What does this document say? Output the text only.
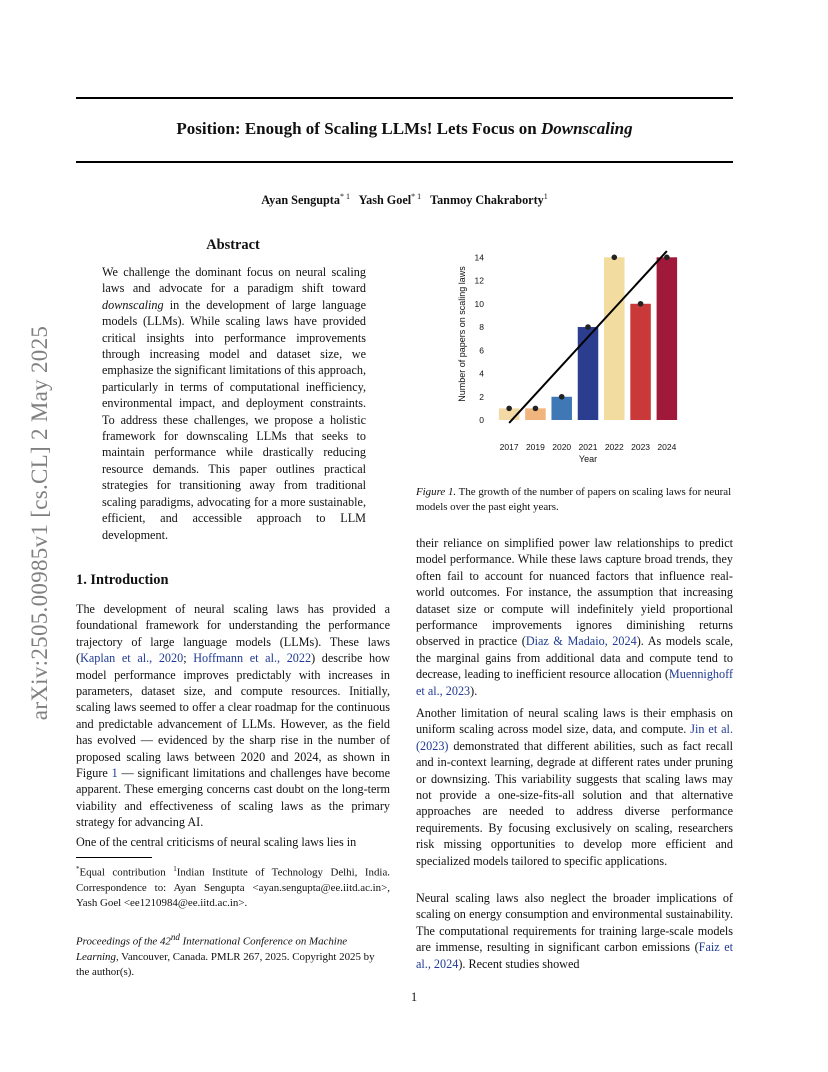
Position: Enough of Scaling LLMs! Lets Focus on Downscaling
Ayan Sengupta$^{* 1}$ Yash Goel$^{* 1}$ Tanmoy Chakraborty$^1$
arXiv:2505.00985v1 [cs.CL] 2 May 2025
Abstract
We challenge the dominant focus on neural scaling laws and advocate for a paradigm shift toward downscaling in the development of large language models (LLMs). While scaling laws have provided critical insights into performance improvements through increasing model and dataset size, we emphasize the significant limitations of this approach, particularly in terms of computational inefficiency, environmental impact, and deployment constraints. To address these challenges, we propose a holistic framework for downscaling LLMs that seeks to maintain performance while drastically reducing resource demands. This paper outlines practical strategies for transitioning away from traditional scaling paradigms, advocating for a more sustainable, efficient, and accessible approach to LLM development.
1. Introduction
The development of neural scaling laws has provided a foundational framework for understanding the performance trajectory of large language models (LLMs). These laws (Kaplan et al., 2020; Hoffmann et al., 2022) describe how model performance improves predictably with increases in parameters, dataset size, and compute resources. Initially, scaling laws seemed to offer a clear roadmap for the continuous and predictable advancement of LLMs. However, as the field has evolved — evidenced by the sharp rise in the number of proposed scaling laws between 2020 and 2024, as shown in Figure 1 — significant limitations and challenges have become apparent. These emerging concerns cast doubt on the long-term viability and effectiveness of scaling laws as the primary strategy for advancing AI.
One of the central criticisms of neural scaling laws lies in
*Equal contribution $^1$Indian Institute of Technology Delhi, India. Correspondence to: Ayan Sengupta <ayan.sengupta@ee.iitd.ac.in>, Yash Goel <ee1210984@ee.iitd.ac.in>.
Proceedings of the 42nd International Conference on Machine Learning, Vancouver, Canada. PMLR 267, 2025. Copyright 2025 by the author(s).
0
2
4
6
8
10
12
14
Number of papers on scaling laws
2017 2019 2020 2021 2022 2023 2024
Year
Figure 1. The growth of the number of papers on scaling laws for neural models over the past eight years.
their reliance on simplified power law relationships to predict model performance. While these laws capture broad trends, they often fail to account for nuanced factors that influence real-world outcomes. For instance, the assumption that increasing dataset size or compute will indefinitely yield proportional performance improvements ignores diminishing returns observed in practice (Diaz & Madaio, 2024). As models scale, the marginal gains from additional data and compute tend to decrease, leading to inefficient resource allocation (Muennighoff et al., 2023).
Another limitation of neural scaling laws is their emphasis on uniform scaling across model size, data, and compute. Jin et al. (2023) demonstrated that different abilities, such as fact recall and in-context learning, degrade at different rates under pruning or downsizing. This variability suggests that scaling laws may not provide a one-size-fits-all solution and that alternative approaches are needed to address diverse performance requirements. By focusing exclusively on scaling, researchers risk missing opportunities to develop more efficient and specialized models tailored to specific applications.
Neural scaling laws also neglect the broader implications of scaling on energy consumption and environmental sustainability. The computational requirements for training large-scale models are immense, resulting in significant carbon emissions (Faiz et al., 2024). Recent studies showed
1
